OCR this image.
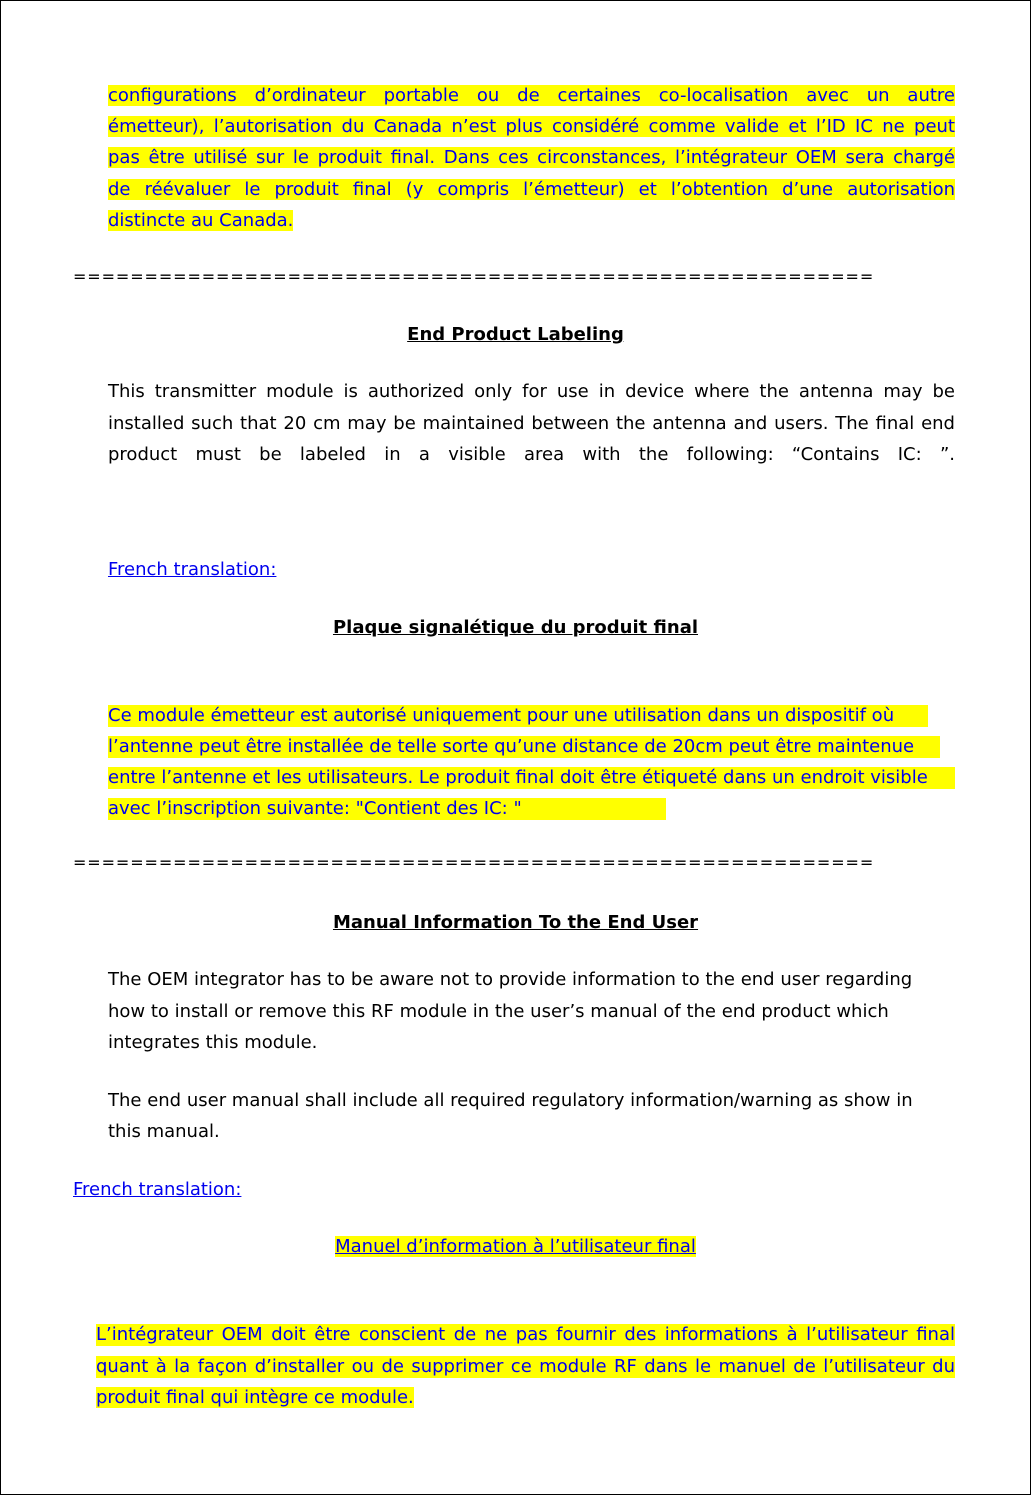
configurations d’ordinateur portable ou de certaines co-localisation avec un autre
émetteur), l’autorisation du Canada n’est plus considéré comme valide et l’ID IC ne peut
pas être utilisé sur le produit final. Dans ces circonstances, l’intégrateur OEM sera chargé
de réévaluer le produit final (y compris l’émetteur) et l’obtention d’une autorisation
distincte au Canada.
========================================================
End Product Labeling
This transmitter module is authorized only for use in device where the antenna may be
installed such that 20 cm may be maintained between the antenna and users. The final end
product must be labeled in a visible area with the following: “Contains IC: ”.
French translation:
Plaque signalétique du produit final
Ce module émetteur est autorisé uniquement pour une utilisation dans un dispositif où
l’antenne peut être installée de telle sorte qu’une distance de 20cm peut être maintenue
entre l’antenne et les utilisateurs. Le produit final doit être étiqueté dans un endroit visible
avec l’inscription suivante: "Contient des IC: "
========================================================
Manual Information To the End User
The OEM integrator has to be aware not to provide information to the end user regarding
how to install or remove this RF module in the user’s manual of the end product which
integrates this module.
The end user manual shall include all required regulatory information/warning as show in
this manual.
French translation:
Manuel d’information à l’utilisateur final
L’intégrateur OEM doit être conscient de ne pas fournir des informations à l’utilisateur final
quant à la façon d’installer ou de supprimer ce module RF dans le manuel de l’utilisateur du
produit final qui intègre ce module.
